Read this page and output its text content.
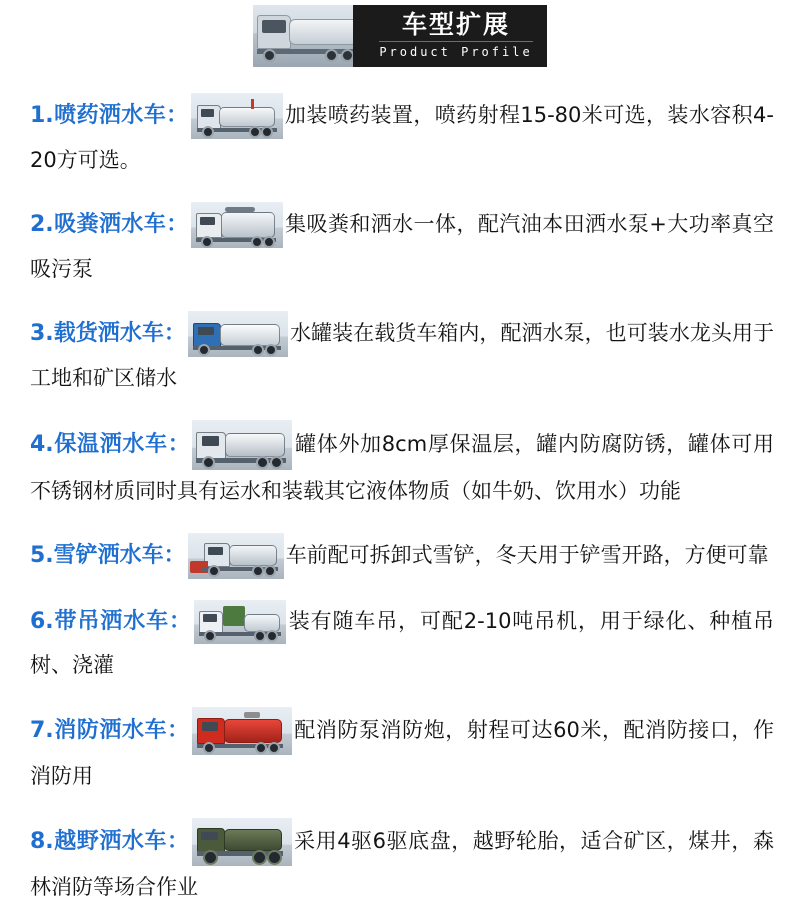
车型扩展
Product Profile

1.喷药洒水车：	加装喷药装置，喷药射程15-80米可选，装水容积4-20方可选。

2.吸粪洒水车：	集吸粪和洒水一体，配汽油本田洒水泵+大功率真空吸污泵

3.载货洒水车：	水罐装在载货车箱内，配洒水泵，也可装水龙头用于工地和矿区储水

4.保温洒水车：	罐体外加8cm厚保温层，罐内防腐防锈，罐体可用不锈钢材质同时具有运水和装载其它液体物质（如牛奶、饮用水）功能

5.雪铲洒水车：	车前配可拆卸式雪铲，冬天用于铲雪开路，方便可靠

6.带吊洒水车：	装有随车吊，可配2-10吨吊机，用于绿化、种植吊树、浇灌

7.消防洒水车：	配消防泵消防炮，射程可达60米，配消防接口，作消防用

8.越野洒水车：	采用4驱6驱底盘，越野轮胎，适合矿区，煤井，森林消防等场合作业
